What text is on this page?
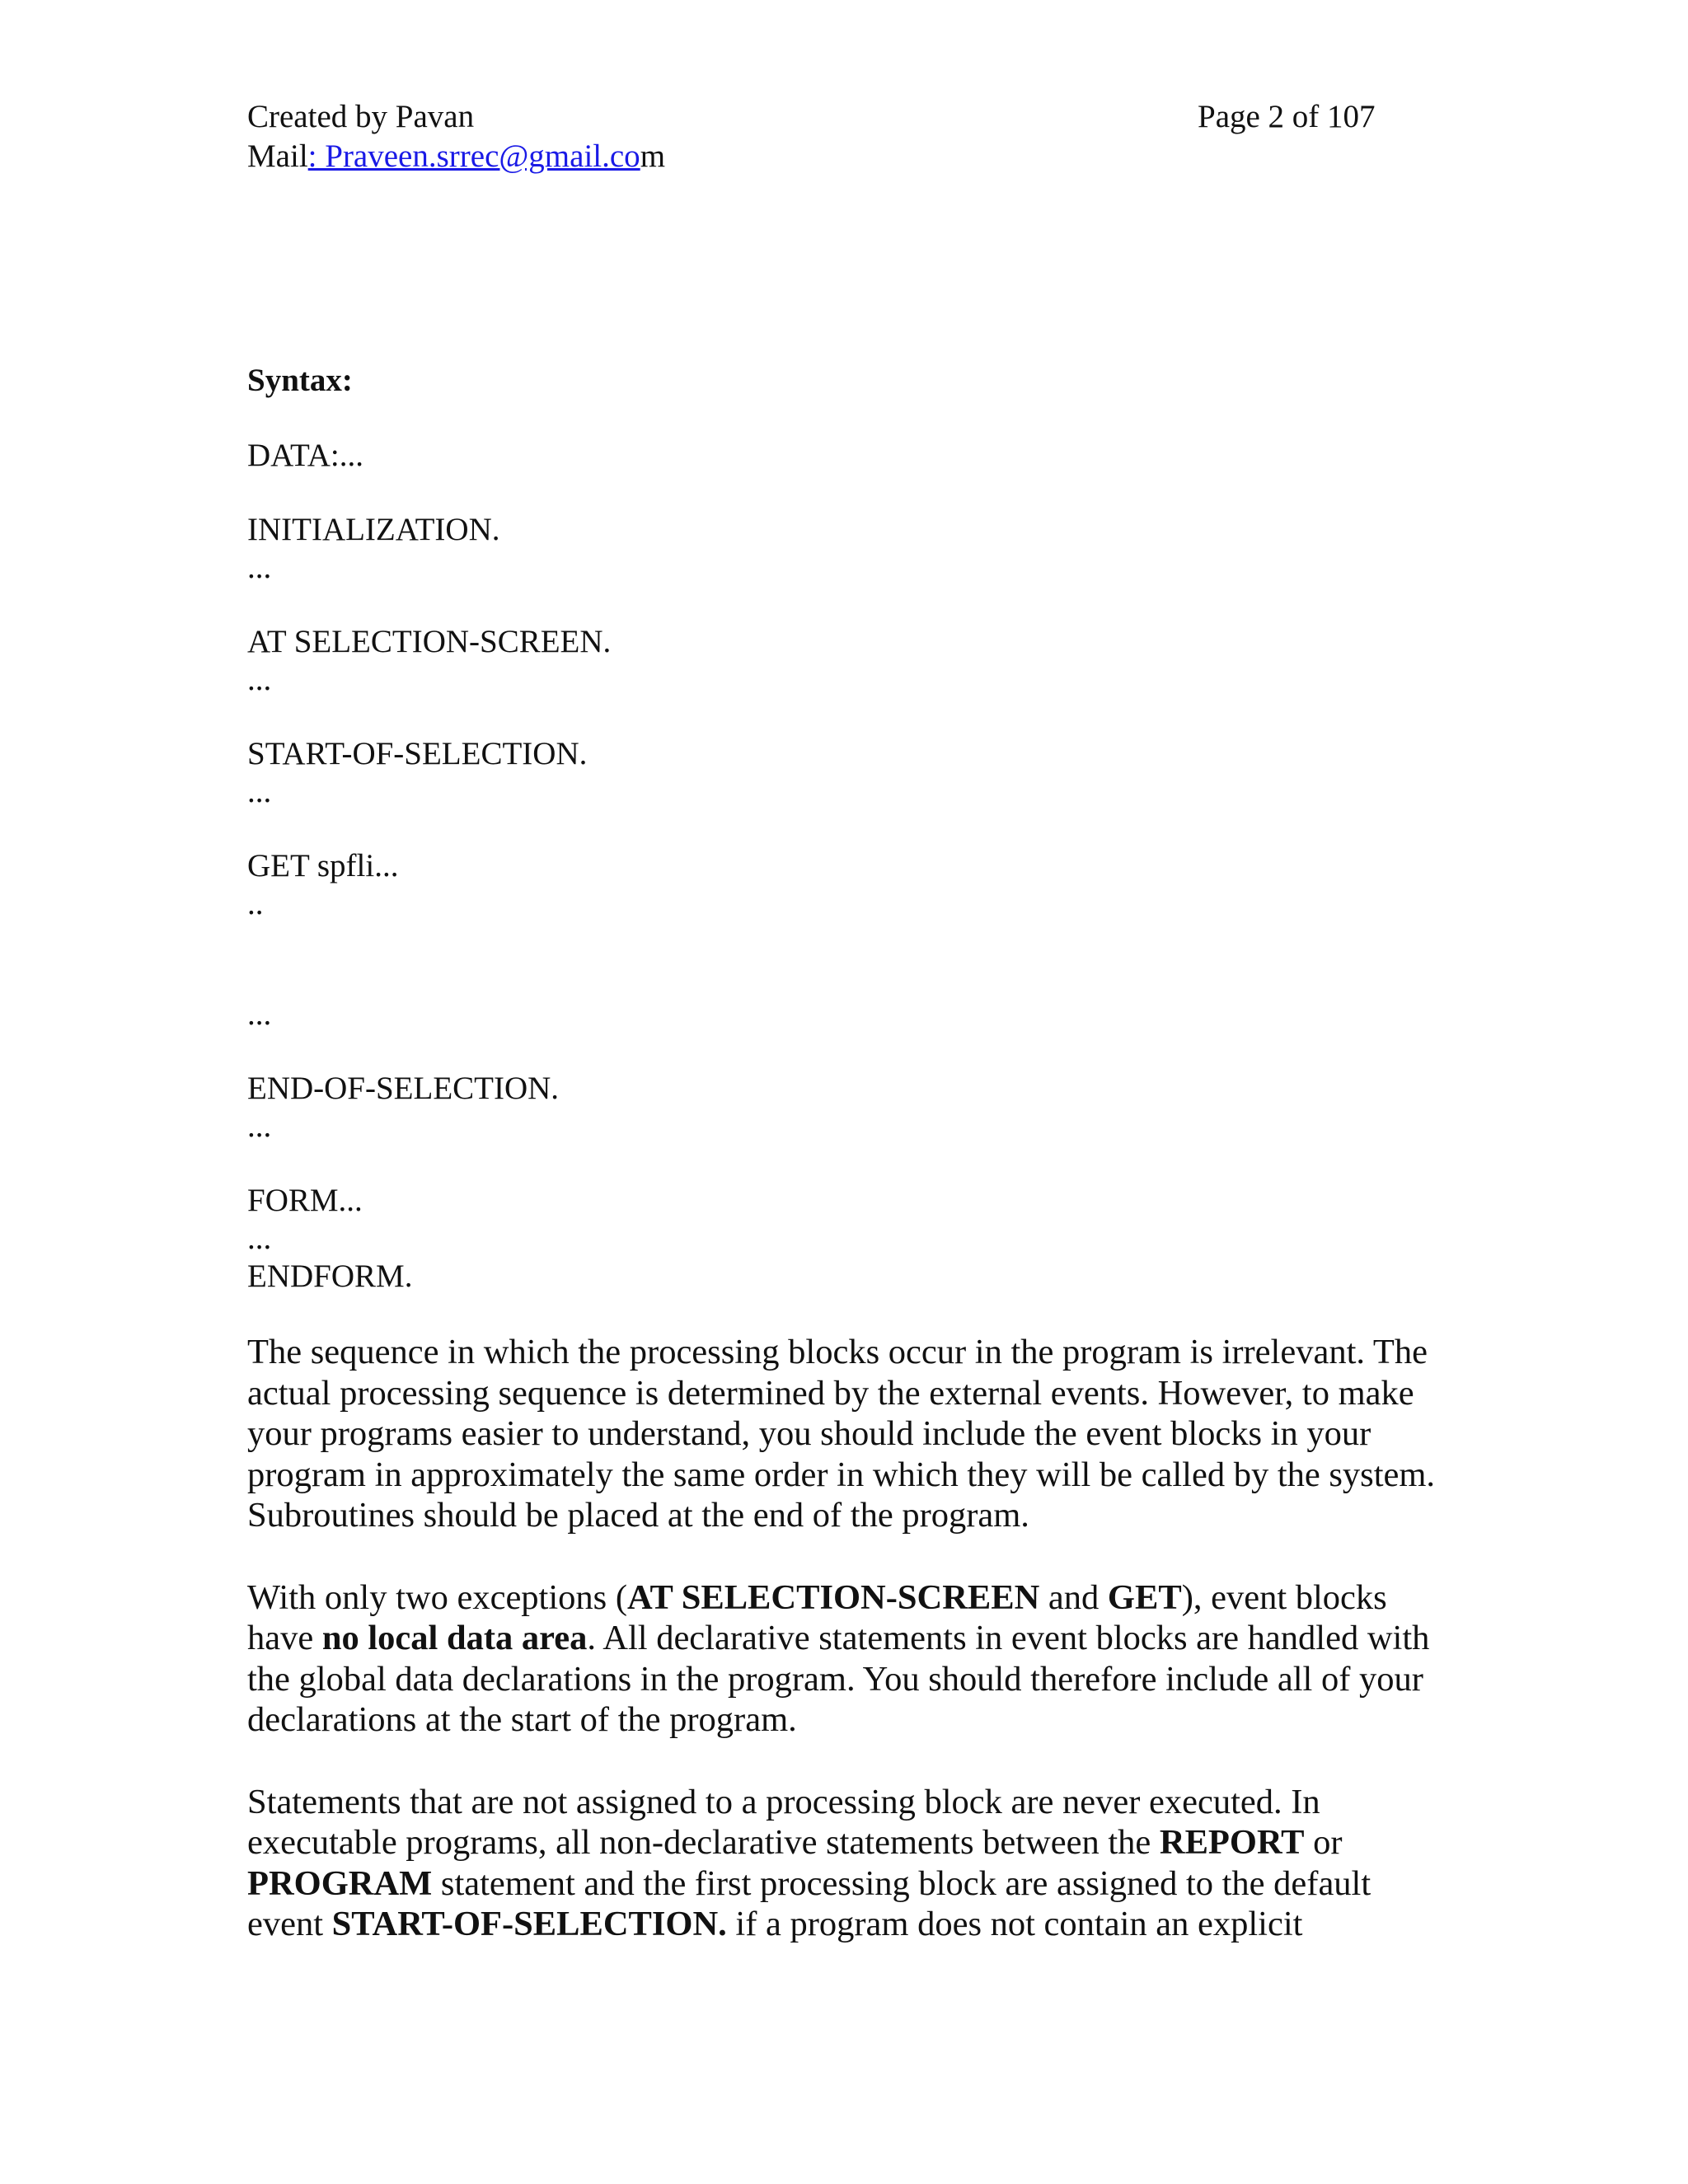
Created by Pavan
Mail: Praveen.srrec@gmail.com
Page 2 of 107

Syntax:

DATA:...

INITIALIZATION.

...

AT SELECTION-SCREEN.

...

START-OF-SELECTION.

...

GET spfli...

..

...

END-OF-SELECTION.

...

FORM...

...

ENDFORM.

The sequence in which the processing blocks occur in the program is irrelevant. The actual processing sequence is determined by the external events. However, to make your programs easier to understand, you should include the event blocks in your program in approximately the same order in which they will be called by the system. Subroutines should be placed at the end of the program.

With only two exceptions (AT SELECTION-SCREEN and GET), event blocks have no local data area. All declarative statements in event blocks are handled with the global data declarations in the program. You should therefore include all of your declarations at the start of the program.

Statements that are not assigned to a processing block are never executed. In executable programs, all non-declarative statements between the REPORT or PROGRAM statement and the first processing block are assigned to the default event START-OF-SELECTION. if a program does not contain an explicit
